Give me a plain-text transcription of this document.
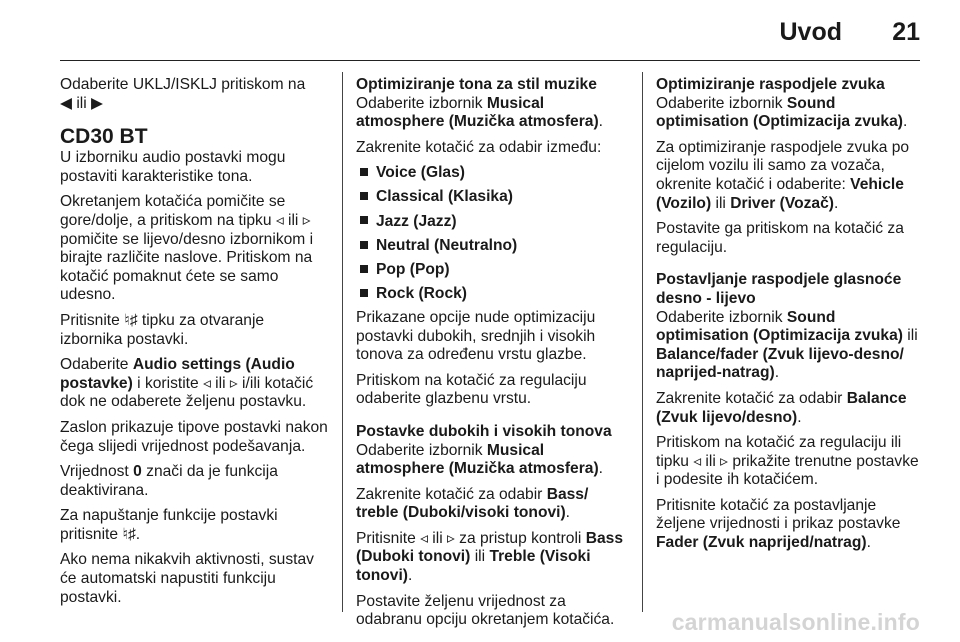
Uvod 21

Odaberite UKLJ/ISKLJ pritiskom na
◀ ili ▶

CD30 BT

U izborniku audio postavki mogu postaviti karakteristike tona.

Okretanjem kotačića pomičite se gore/dolje, a pritiskom na tipku ◃ ili ▹ pomičite se lijevo/desno izbornikom i birajte različite naslove. Pritiskom na kotačić pomaknut ćete se samo udesno.

Pritisnite ♮♯ tipku za otvaranje izbornika postavki.

Odaberite Audio settings (Audio postavke) i koristite ◃ ili ▹ i/ili kotačić dok ne odaberete željenu postavku.

Zaslon prikazuje tipove postavki nakon čega slijedi vrijednost podešavanja.

Vrijednost 0 znači da je funkcija deaktivirana.

Za napuštanje funkcije postavki pritisnite ♮♯.

Ako nema nikakvih aktivnosti, sustav će automatski napustiti funkciju postavki.

Optimiziranje tona za stil muzike

Odaberite izbornik Musical atmosphere (Muzička atmosfera).

Zakrenite kotačić za odabir između:

Voice (Glas)
Classical (Klasika)
Jazz (Jazz)
Neutral (Neutralno)
Pop (Pop)
Rock (Rock)

Prikazane opcije nude optimizaciju postavki dubokih, srednjih i visokih tonova za određenu vrstu glazbe.

Pritiskom na kotačić za regulaciju odaberite glazbenu vrstu.

Postavke dubokih i visokih tonova

Odaberite izbornik Musical atmosphere (Muzička atmosfera).

Zakrenite kotačić za odabir Bass/ treble (Duboki/visoki tonovi).

Pritisnite ◃ ili ▹ za pristup kontroli Bass (Duboki tonovi) ili Treble (Visoki tonovi).

Postavite željenu vrijednost za odabranu opciju okretanjem kotačića.

Optimiziranje raspodjele zvuka

Odaberite izbornik Sound optimisation (Optimizacija zvuka).

Za optimiziranje raspodjele zvuka po cijelom vozilu ili samo za vozača, okrenite kotačić i odaberite: Vehicle (Vozilo) ili Driver (Vozač).

Postavite ga pritiskom na kotačić za regulaciju.

Postavljanje raspodjele glasnoće desno - lijevo

Odaberite izbornik Sound optimisation (Optimizacija zvuka) ili Balance/fader (Zvuk lijevo-desno/ naprijed-natrag).

Zakrenite kotačić za odabir Balance (Zvuk lijevo/desno).

Pritiskom na kotačić za regulaciju ili tipku ◃ ili ▹ prikažite trenutne postavke i podesite ih kotačićem.

Pritisnite kotačić za postavljanje željene vrijednosti i prikaz postavke Fader (Zvuk naprijed/natrag).

carmanualsonline.info
